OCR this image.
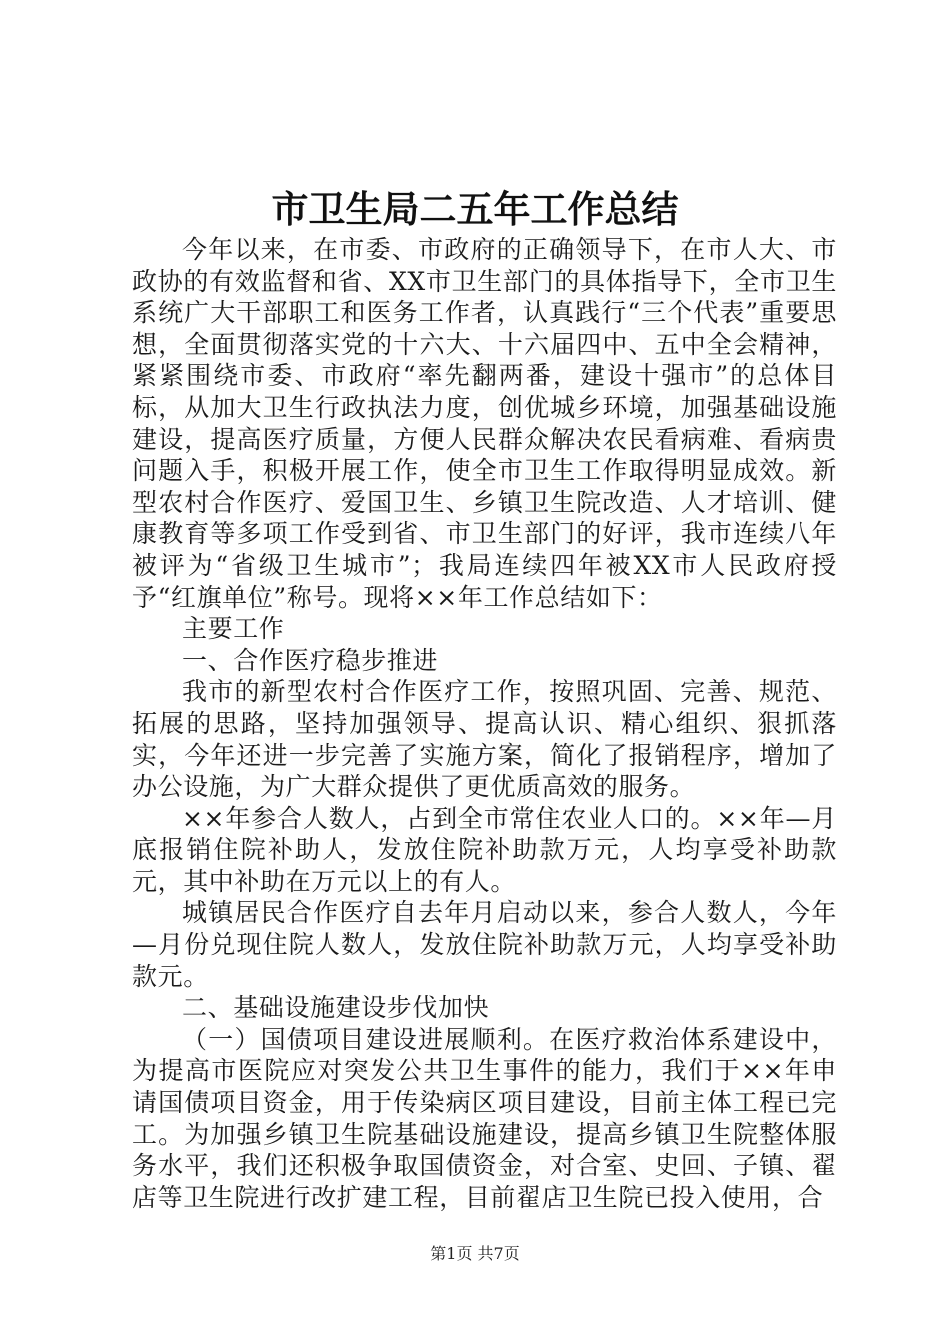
市卫生局二五年工作总结

今年以来，在市委、市政府的正确领导下，在市人大、市政协的有效监督和省、XX市卫生部门的具体指导下，全市卫生系统广大干部职工和医务工作者，认真践行“三个代表”重要思想，全面贯彻落实党的十六大、十六届四中、五中全会精神，紧紧围绕市委、市政府“率先翻两番，建设十强市”的总体目标，从加大卫生行政执法力度，创优城乡环境，加强基础设施建设，提高医疗质量，方便人民群众解决农民看病难、看病贵问题入手，积极开展工作，使全市卫生工作取得明显成效。新型农村合作医疗、爱国卫生、乡镇卫生院改造、人才培训、健康教育等多项工作受到省、市卫生部门的好评，我市连续八年被评为“省级卫生城市”；我局连续四年被XX市人民政府授予“红旗单位”称号。现将××年工作总结如下：

主要工作

一、合作医疗稳步推进

我市的新型农村合作医疗工作，按照巩固、完善、规范、拓展的思路，坚持加强领导、提高认识、精心组织、狠抓落实，今年还进一步完善了实施方案，简化了报销程序，增加了办公设施，为广大群众提供了更优质高效的服务。

××年参合人数人，占到全市常住农业人口的。××年—月底报销住院补助人，发放住院补助款万元，人均享受补助款元，其中补助在万元以上的有人。

城镇居民合作医疗自去年月启动以来，参合人数人，今年—月份兑现住院人数人，发放住院补助款万元，人均享受补助款元。

二、基础设施建设步伐加快

（一）国债项目建设进展顺利。在医疗救治体系建设中，为提高市医院应对突发公共卫生事件的能力，我们于××年申请国债项目资金，用于传染病区项目建设，目前主体工程已完工。为加强乡镇卫生院基础设施建设，提高乡镇卫生院整体服务水平，我们还积极争取国债资金，对合室、史回、子镇、翟店等卫生院进行改扩建工程，目前翟店卫生院已投入使用，合

第1页 共7页
